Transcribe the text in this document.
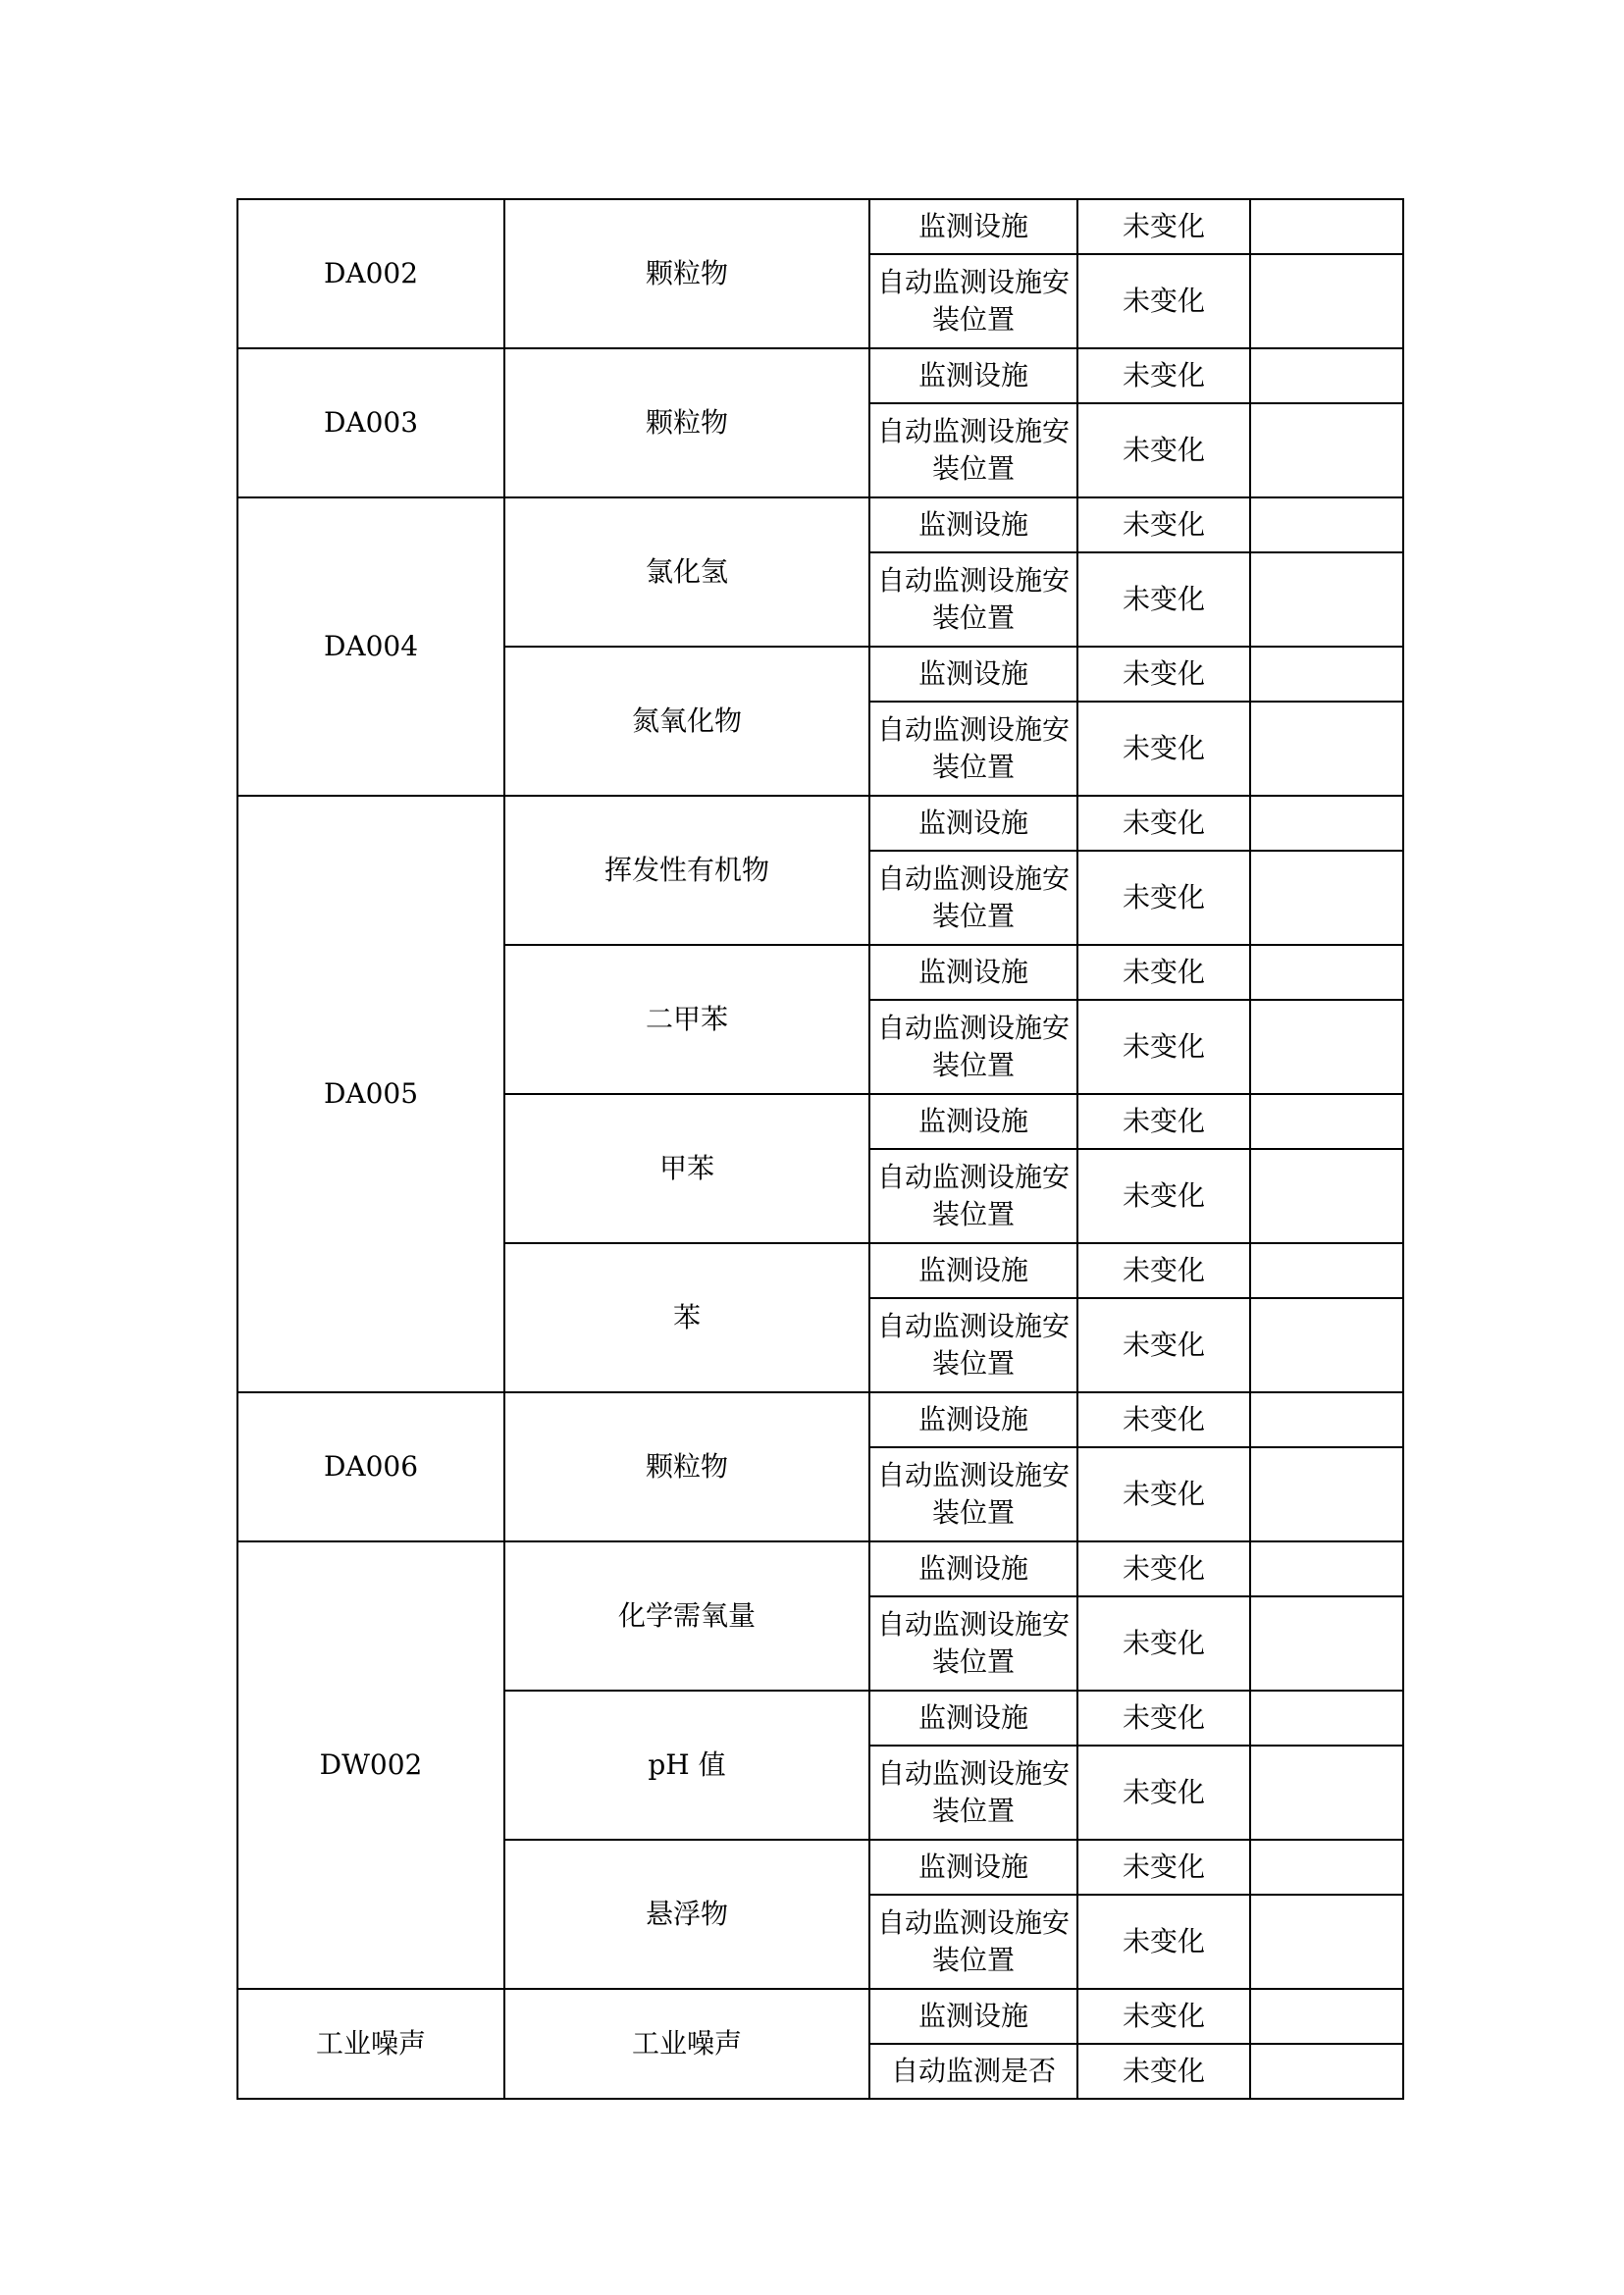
DA002	颗粒物	监测设施	未变化	
		自动监测设施安装位置	未变化	
DA003	颗粒物	监测设施	未变化	
		自动监测设施安装位置	未变化	
DA004	氯化氢	监测设施	未变化	
		自动监测设施安装位置	未变化	
	氮氧化物	监测设施	未变化	
		自动监测设施安装位置	未变化	
DA005	挥发性有机物	监测设施	未变化	
		自动监测设施安装位置	未变化	
	二甲苯	监测设施	未变化	
		自动监测设施安装位置	未变化	
	甲苯	监测设施	未变化	
		自动监测设施安装位置	未变化	
	苯	监测设施	未变化	
		自动监测设施安装位置	未变化	
DA006	颗粒物	监测设施	未变化	
		自动监测设施安装位置	未变化	
DW002	化学需氧量	监测设施	未变化	
		自动监测设施安装位置	未变化	
	pH 值	监测设施	未变化	
		自动监测设施安装位置	未变化	
	悬浮物	监测设施	未变化	
		自动监测设施安装位置	未变化	
工业噪声	工业噪声	监测设施	未变化	
		自动监测是否	未变化	
